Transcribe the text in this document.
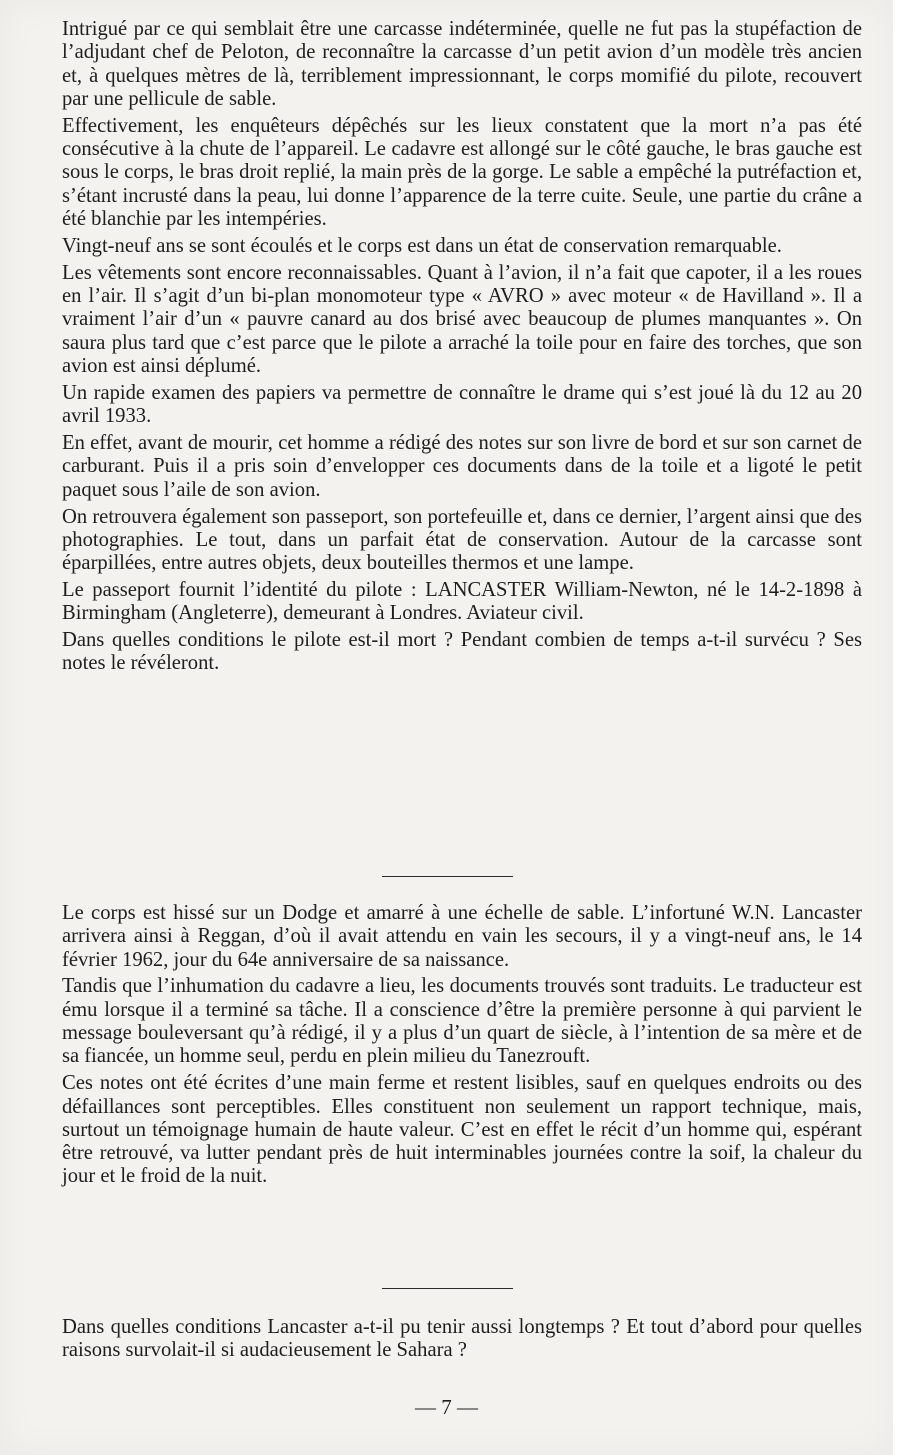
Intrigué par ce qui semblait être une carcasse indéterminée, quelle ne fut pas la stupéfaction de l’adjudant chef de Peloton, de reconnaître la carcasse d’un petit avion d’un modèle très ancien et, à quelques mètres de là, terriblement impressionnant, le corps momifié du pilote, recouvert par une pellicule de sable.

Effectivement, les enquêteurs dépêchés sur les lieux constatent que la mort n’a pas été consécutive à la chute de l’appareil. Le cadavre est allongé sur le côté gauche, le bras gauche est sous le corps, le bras droit replié, la main près de la gorge. Le sable a empêché la putréfaction et, s’étant incrusté dans la peau, lui donne l’apparence de la terre cuite. Seule, une partie du crâne a été blanchie par les intempéries.

Vingt-neuf ans se sont écoulés et le corps est dans un état de conservation remarquable.

Les vêtements sont encore reconnaissables. Quant à l’avion, il n’a fait que capoter, il a les roues en l’air. Il s’agit d’un bi-plan monomoteur type « AVRO » avec moteur « de Havilland ». Il a vraiment l’air d’un « pauvre canard au dos brisé avec beaucoup de plumes manquantes ». On saura plus tard que c’est parce que le pilote a arraché la toile pour en faire des torches, que son avion est ainsi déplumé.

Un rapide examen des papiers va permettre de connaître le drame qui s’est joué là du 12 au 20 avril 1933.

En effet, avant de mourir, cet homme a rédigé des notes sur son livre de bord et sur son carnet de carburant. Puis il a pris soin d’envelopper ces documents dans de la toile et a ligoté le petit paquet sous l’aile de son avion.

On retrouvera également son passeport, son portefeuille et, dans ce dernier, l’argent ainsi que des photographies. Le tout, dans un parfait état de conservation. Autour de la carcasse sont éparpillées, entre autres objets, deux bouteilles thermos et une lampe.

Le passeport fournit l’identité du pilote : LANCASTER William-Newton, né le 14-2-1898 à Birmingham (Angleterre), demeurant à Londres. Aviateur civil.

Dans quelles conditions le pilote est-il mort ? Pendant combien de temps a-t-il survécu ? Ses notes le révéleront.

Le corps est hissé sur un Dodge et amarré à une échelle de sable. L’infortuné W.N. Lancaster arrivera ainsi à Reggan, d’où il avait attendu en vain les secours, il y a vingt-neuf ans, le 14 février 1962, jour du 64e anniversaire de sa naissance.

Tandis que l’inhumation du cadavre a lieu, les documents trouvés sont traduits. Le traducteur est ému lorsque il a terminé sa tâche. Il a conscience d’être la première personne à qui parvient le message bouleversant qu’à rédigé, il y a plus d’un quart de siècle, à l’intention de sa mère et de sa fiancée, un homme seul, perdu en plein milieu du Tanezrouft.

Ces notes ont été écrites d’une main ferme et restent lisibles, sauf en quelques endroits ou des défaillances sont perceptibles. Elles constituent non seulement un rapport technique, mais, surtout un témoignage humain de haute valeur. C’est en effet le récit d’un homme qui, espérant être retrouvé, va lutter pendant près de huit interminables journées contre la soif, la chaleur du jour et le froid de la nuit.

Dans quelles conditions Lancaster a-t-il pu tenir aussi longtemps ? Et tout d’abord pour quelles raisons survolait-il si audacieusement le Sahara ?

— 7 —
